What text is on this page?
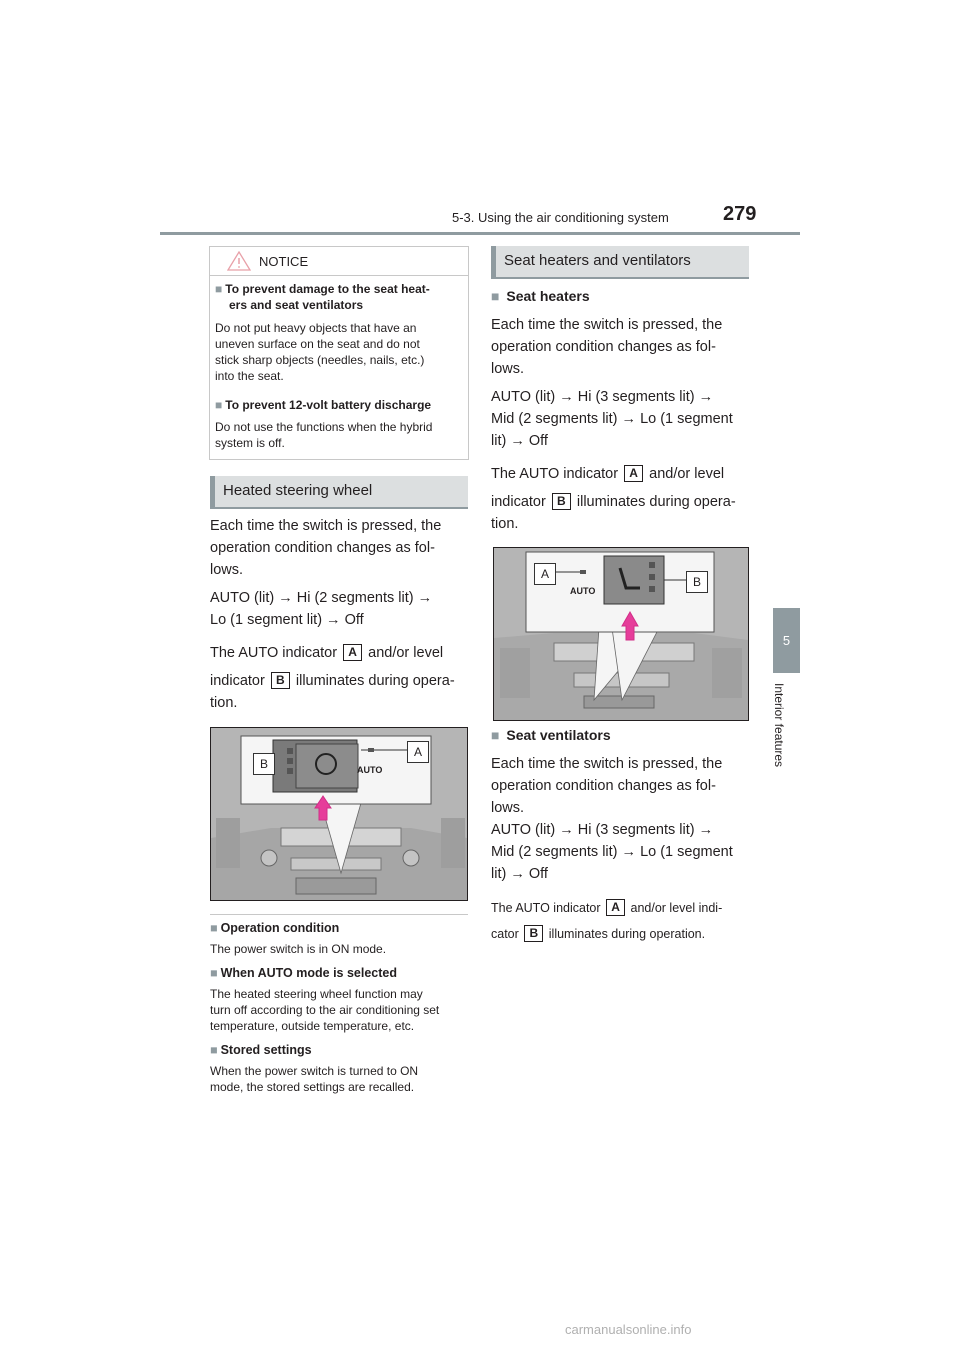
5-3. Using the air conditioning system	279
5
Interior features
NOTICE
■ To prevent damage to the seat heat-
ers and seat ventilators
Do not put heavy objects that have an
uneven surface on the seat and do not
stick sharp objects (needles, nails, etc.)
into the seat.
■ To prevent 12-volt battery discharge
Do not use the functions when the hybrid
system is off.
Heated steering wheel
Each time the switch is pressed, the
operation condition changes as fol-
lows.
AUTO (lit) → Hi (2 segments lit) →
Lo (1 segment lit) → Off
The AUTO indicator A and/or level
indicator B illuminates during opera-
tion.
B
A
AUTO
■ Operation condition
The power switch is in ON mode.
■ When AUTO mode is selected
The heated steering wheel function may
turn off according to the air conditioning set
temperature, outside temperature, etc.
■ Stored settings
When the power switch is turned to ON
mode, the stored settings are recalled.
Seat heaters and ventilators
■ Seat heaters
Each time the switch is pressed, the
operation condition changes as fol-
lows.
AUTO (lit) → Hi (3 segments lit) →
Mid (2 segments lit) → Lo (1 segment
lit) → Off
The AUTO indicator A and/or level
indicator B illuminates during opera-
tion.
A
B
AUTO
■ Seat ventilators
Each time the switch is pressed, the
operation condition changes as fol-
lows.
AUTO (lit) → Hi (3 segments lit) →
Mid (2 segments lit) → Lo (1 segment
lit) → Off
The AUTO indicator A and/or level indi-
cator B illuminates during operation.
carmanualsonline.info
